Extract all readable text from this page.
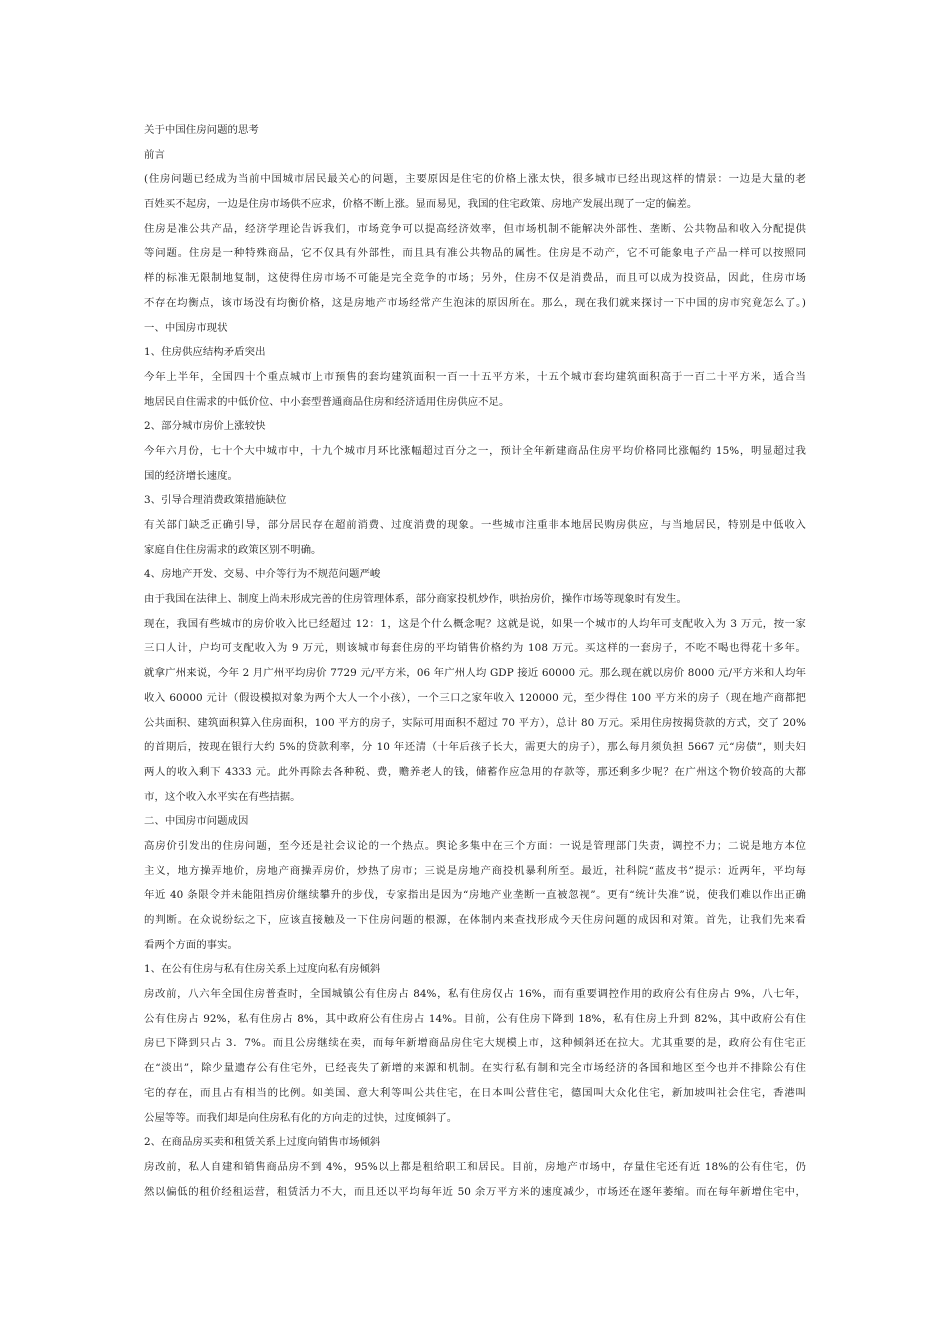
关于中国住房问题的思考
前言
(住房问题已经成为当前中国城市居民最关心的问题，主要原因是住宅的价格上涨太快，很多城市已经出现这样的情景：一边是大量的老
百姓买不起房，一边是住房市场供不应求，价格不断上涨。显而易见，我国的住宅政策、房地产发展出现了一定的偏差。
住房是准公共产品，经济学理论告诉我们，市场竞争可以提高经济效率，但市场机制不能解决外部性、垄断、公共物品和收入分配提供
等问题。住房是一种特殊商品，它不仅具有外部性，而且具有准公共物品的属性。住房是不动产，它不可能象电子产品一样可以按照同
样的标准无限制地复制，这使得住房市场不可能是完全竞争的市场；另外，住房不仅是消费品，而且可以成为投资品，因此，住房市场
不存在均衡点，该市场没有均衡价格，这是房地产市场经常产生泡沫的原因所在。那么，现在我们就来探讨一下中国的房市究竟怎么了。)
一、中国房市现状
1、住房供应结构矛盾突出
今年上半年，全国四十个重点城市上市预售的套均建筑面积一百一十五平方米，十五个城市套均建筑面积高于一百二十平方米，适合当
地居民自住需求的中低价位、中小套型普通商品住房和经济适用住房供应不足。
2、部分城市房价上涨较快
今年六月份，七十个大中城市中，十九个城市月环比涨幅超过百分之一，预计全年新建商品住房平均价格同比涨幅约 15%，明显超过我
国的经济增长速度。
3、引导合理消费政策措施缺位
有关部门缺乏正确引导，部分居民存在超前消费、过度消费的现象。一些城市注重非本地居民购房供应，与当地居民，特别是中低收入
家庭自住住房需求的政策区别不明确。
4、房地产开发、交易、中介等行为不规范问题严峻
由于我国在法律上、制度上尚未形成完善的住房管理体系，部分商家投机炒作，哄抬房价，操作市场等现象时有发生。
现在，我国有些城市的房价收入比已经超过 12：1，这是个什么概念呢？这就是说，如果一个城市的人均年可支配收入为 3 万元，按一家
三口人计，户均可支配收入为 9 万元，则该城市每套住房的平均销售价格约为 108 万元。买这样的一套房子，不吃不喝也得花十多年。
就拿广州来说，今年 2 月广州平均房价 7729 元/平方米，06 年广州人均 GDP 接近 60000 元。那么现在就以房价 8000 元/平方米和人均年
收入 60000 元计（假设模拟对象为两个大人一个小孩），一个三口之家年收入 120000 元，至少得住 100 平方米的房子（现在地产商都把
公共面积、建筑面积算入住房面积，100 平方的房子，实际可用面积不超过 70 平方），总计 80 万元。采用住房按揭贷款的方式，交了 20%
的首期后，按现在银行大约 5%的贷款利率，分 10 年还清（十年后孩子长大，需更大的房子），那么每月须负担 5667 元“房债”，则夫妇
两人的收入剩下 4333 元。此外再除去各种税、费，赡养老人的钱，储蓄作应急用的存款等，那还剩多少呢？在广州这个物价较高的大都
市，这个收入水平实在有些拮据。
二、中国房市问题成因
高房价引发出的住房问题，至今还是社会议论的一个热点。舆论多集中在三个方面：一说是管理部门失责，调控不力；二说是地方本位
主义，地方操弄地价，房地产商操弄房价，炒热了房市；三说是房地产商投机暴利所至。最近，社科院“蓝皮书”提示：近两年，平均每
年近 40 条限令并未能阻挡房价继续攀升的步伐，专家指出是因为“房地产业垄断一直被忽视”。更有“统计失准”说，使我们难以作出正确
的判断。在众说纷纭之下，应该直接触及一下住房问题的根源，在体制内来查找形成今天住房问题的成因和对策。首先，让我们先来看
看两个方面的事实。
1、在公有住房与私有住房关系上过度向私有房倾斜
房改前，八六年全国住房普查时，全国城镇公有住房占 84%，私有住房仅占 16%，而有重要调控作用的政府公有住房占 9%，八七年，
公有住房占 92%，私有住房占 8%，其中政府公有住房占 14%。目前，公有住房下降到 18%，私有住房上升到 82%，其中政府公有住
房已下降到只占 3．7%。而且公房继续在卖，而每年新增商品房住宅大规模上市，这种倾斜还在拉大。尤其重要的是，政府公有住宅正
在“淡出”，除少量遗存公有住宅外，已经丧失了新增的来源和机制。在实行私有制和完全市场经济的各国和地区至今也并不排除公有住
宅的存在，而且占有相当的比例。如美国、意大利等叫公共住宅，在日本叫公营住宅，德国叫大众化住宅，新加坡叫社会住宅，香港叫
公屋等等。而我们却是向住房私有化的方向走的过快，过度倾斜了。
2、在商品房买卖和租赁关系上过度向销售市场倾斜
房改前，私人自建和销售商品房不到 4%，95%以上都是租给职工和居民。目前，房地产市场中，存量住宅还有近 18%的公有住宅，仍
然以偏低的租价经租运营，租赁活力不大，而且还以平均每年近 50 余万平方米的速度减少，市场还在逐年萎缩。而在每年新增住宅中，
